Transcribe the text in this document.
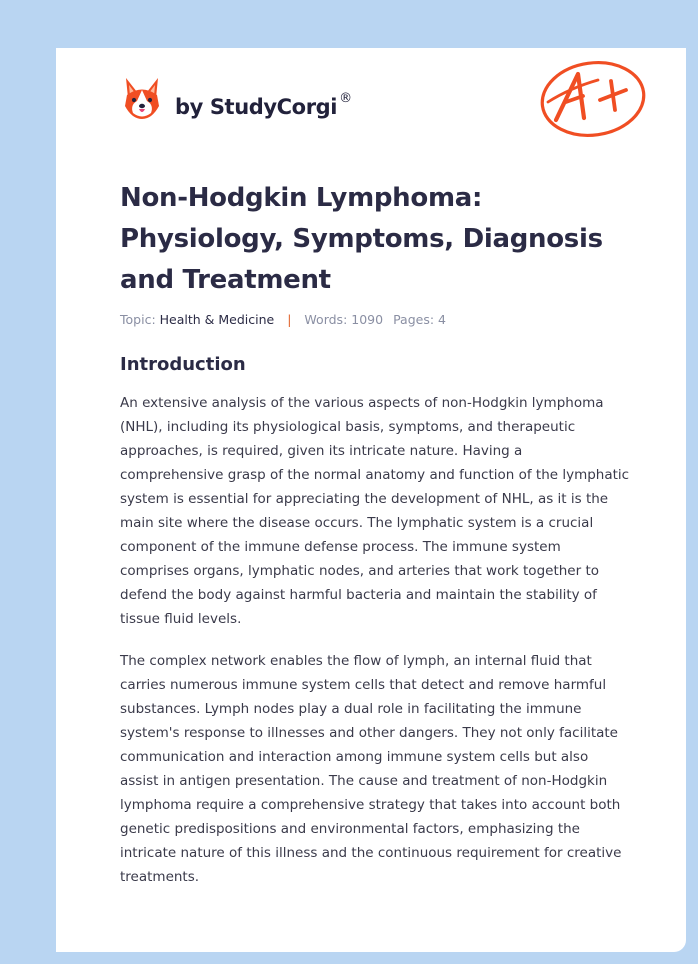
by StudyCorgi ®
Non-Hodgkin Lymphoma: Physiology, Symptoms, Diagnosis and Treatment
Topic: Health & Medicine | Words: 1090 Pages: 4
Introduction

An extensive analysis of the various aspects of non-Hodgkin lymphoma (NHL), including its physiological basis, symptoms, and therapeutic approaches, is required, given its intricate nature. Having a comprehensive grasp of the normal anatomy and function of the lymphatic system is essential for appreciating the development of NHL, as it is the main site where the disease occurs. The lymphatic system is a crucial component of the immune defense process. The immune system comprises organs, lymphatic nodes, and arteries that work together to defend the body against harmful bacteria and maintain the stability of tissue fluid levels.

The complex network enables the flow of lymph, an internal fluid that carries numerous immune system cells that detect and remove harmful substances. Lymph nodes play a dual role in facilitating the immune system's response to illnesses and other dangers. They not only facilitate communication and interaction among immune system cells but also assist in antigen presentation. The cause and treatment of non-Hodgkin lymphoma require a comprehensive strategy that takes into account both genetic predispositions and environmental factors, emphasizing the intricate nature of this illness and the continuous requirement for creative treatments.
